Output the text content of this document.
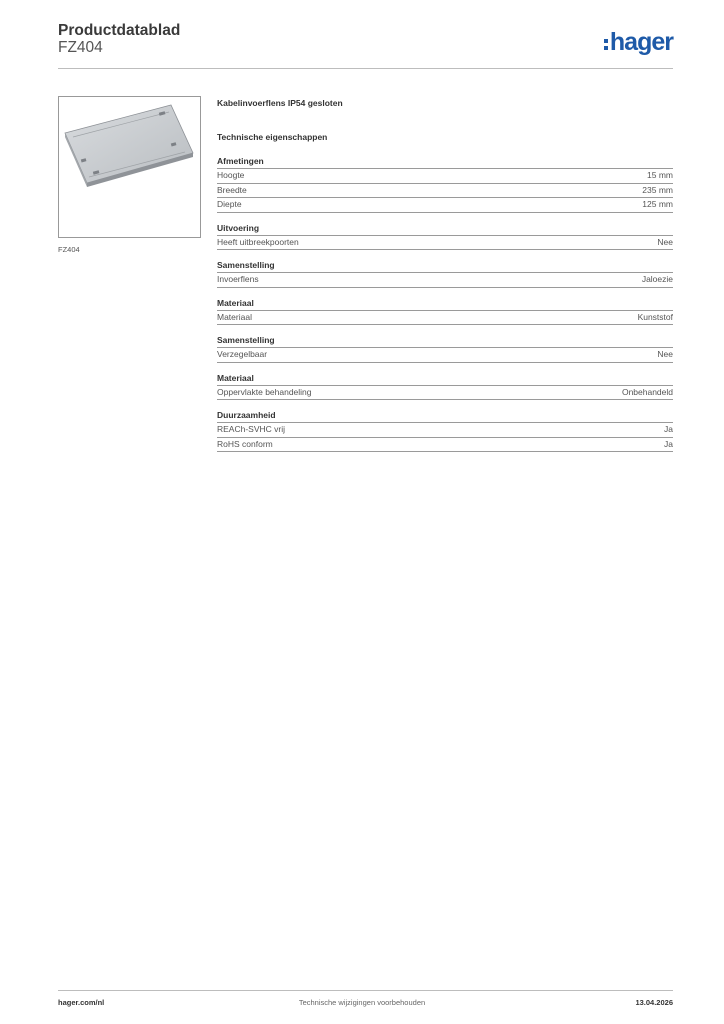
Productdatablad
FZ404	hager
FZ404
Kabelinvoerflens IP54 gesloten
Technische eigenschappen
Afmetingen
Hoogte	15 mm
Breedte	235 mm
Diepte	125 mm
Uitvoering
Heeft uitbreekpoorten	Nee
Samenstelling
Invoerflens	Jaloezie
Materiaal
Materiaal	Kunststof
Samenstelling
Verzegelbaar	Nee
Materiaal
Oppervlakte behandeling	Onbehandeld
Duurzaamheid
REACh-SVHC vrij	Ja
RoHS conform	Ja
Technische wijzigingen voorbehouden
hager.com/nl	13.04.2026
